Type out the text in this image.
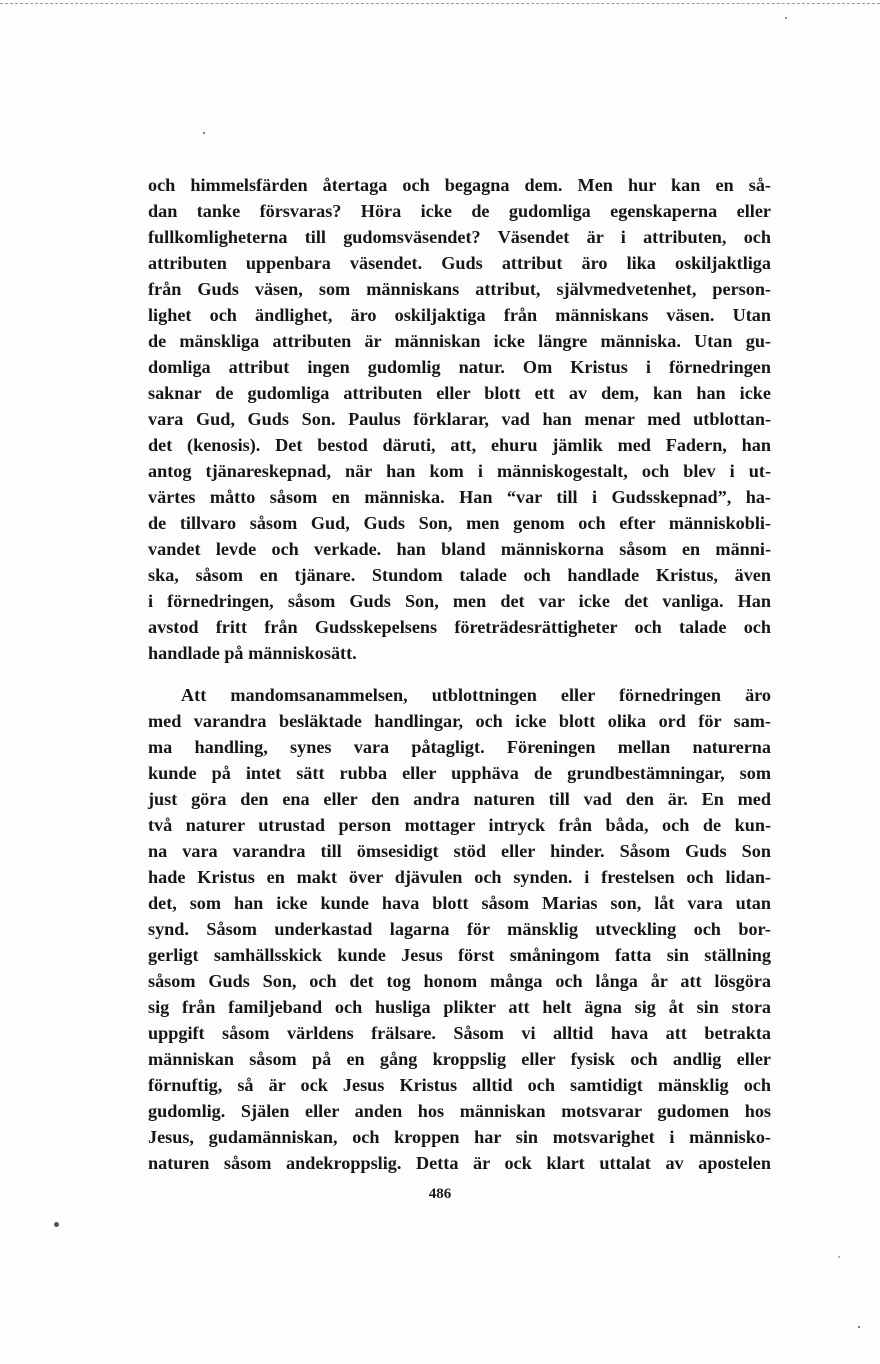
och himmelsfärden återtaga och begagna dem. Men hur kan en så-
dan tanke försvaras? Höra icke de gudomliga egenskaperna eller
fullkomligheterna till gudomsväsendet? Väsendet är i attributen, och
attributen uppenbara väsendet. Guds attribut äro lika oskiljaktliga
från Guds väsen, som människans attribut, självmedvetenhet, person-
lighet och ändlighet, äro oskiljaktiga från människans väsen. Utan
de mänskliga attributen är människan icke längre människa. Utan gu-
domliga attribut ingen gudomlig natur. Om Kristus i förnedringen
saknar de gudomliga attributen eller blott ett av dem, kan han icke
vara Gud, Guds Son. Paulus förklarar, vad han menar med utblottan-
det (kenosis). Det bestod däruti, att, ehuru jämlik med Fadern, han
antog tjänareskepnad, när han kom i människogestalt, och blev i ut-
värtes måtto såsom en människa. Han “var till i Gudsskepnad”, ha-
de tillvaro såsom Gud, Guds Son, men genom och efter människobli-
vandet levde och verkade. han bland människorna såsom en männi-
ska, såsom en tjänare. Stundom talade och handlade Kristus, även
i förnedringen, såsom Guds Son, men det var icke det vanliga. Han
avstod fritt från Gudsskepelsens företrädesrättigheter och talade och
handlade på människosätt.
Att mandomsanammelsen, utblottningen eller förnedringen äro
med varandra besläktade handlingar, och icke blott olika ord för sam-
ma handling, synes vara påtagligt. Föreningen mellan naturerna
kunde på intet sätt rubba eller upphäva de grundbestämningar, som
just göra den ena eller den andra naturen till vad den är. En med
två naturer utrustad person mottager intryck från båda, och de kun-
na vara varandra till ömsesidigt stöd eller hinder. Såsom Guds Son
hade Kristus en makt över djävulen och synden. i frestelsen och lidan-
det, som han icke kunde hava blott såsom Marias son, låt vara utan
synd. Såsom underkastad lagarna för mänsklig utveckling och bor-
gerligt samhällsskick kunde Jesus först småningom fatta sin ställning
såsom Guds Son, och det tog honom många och långa år att lösgöra
sig från familjeband och husliga plikter att helt ägna sig åt sin stora
uppgift såsom världens frälsare. Såsom vi alltid hava att betrakta
människan såsom på en gång kroppslig eller fysisk och andlig eller
förnuftig, så är ock Jesus Kristus alltid och samtidigt mänsklig och
gudomlig. Själen eller anden hos människan motsvarar gudomen hos
Jesus, gudamänniskan, och kroppen har sin motsvarighet i människo-
naturen såsom andekroppslig. Detta är ock klart uttalat av apostelen
486
